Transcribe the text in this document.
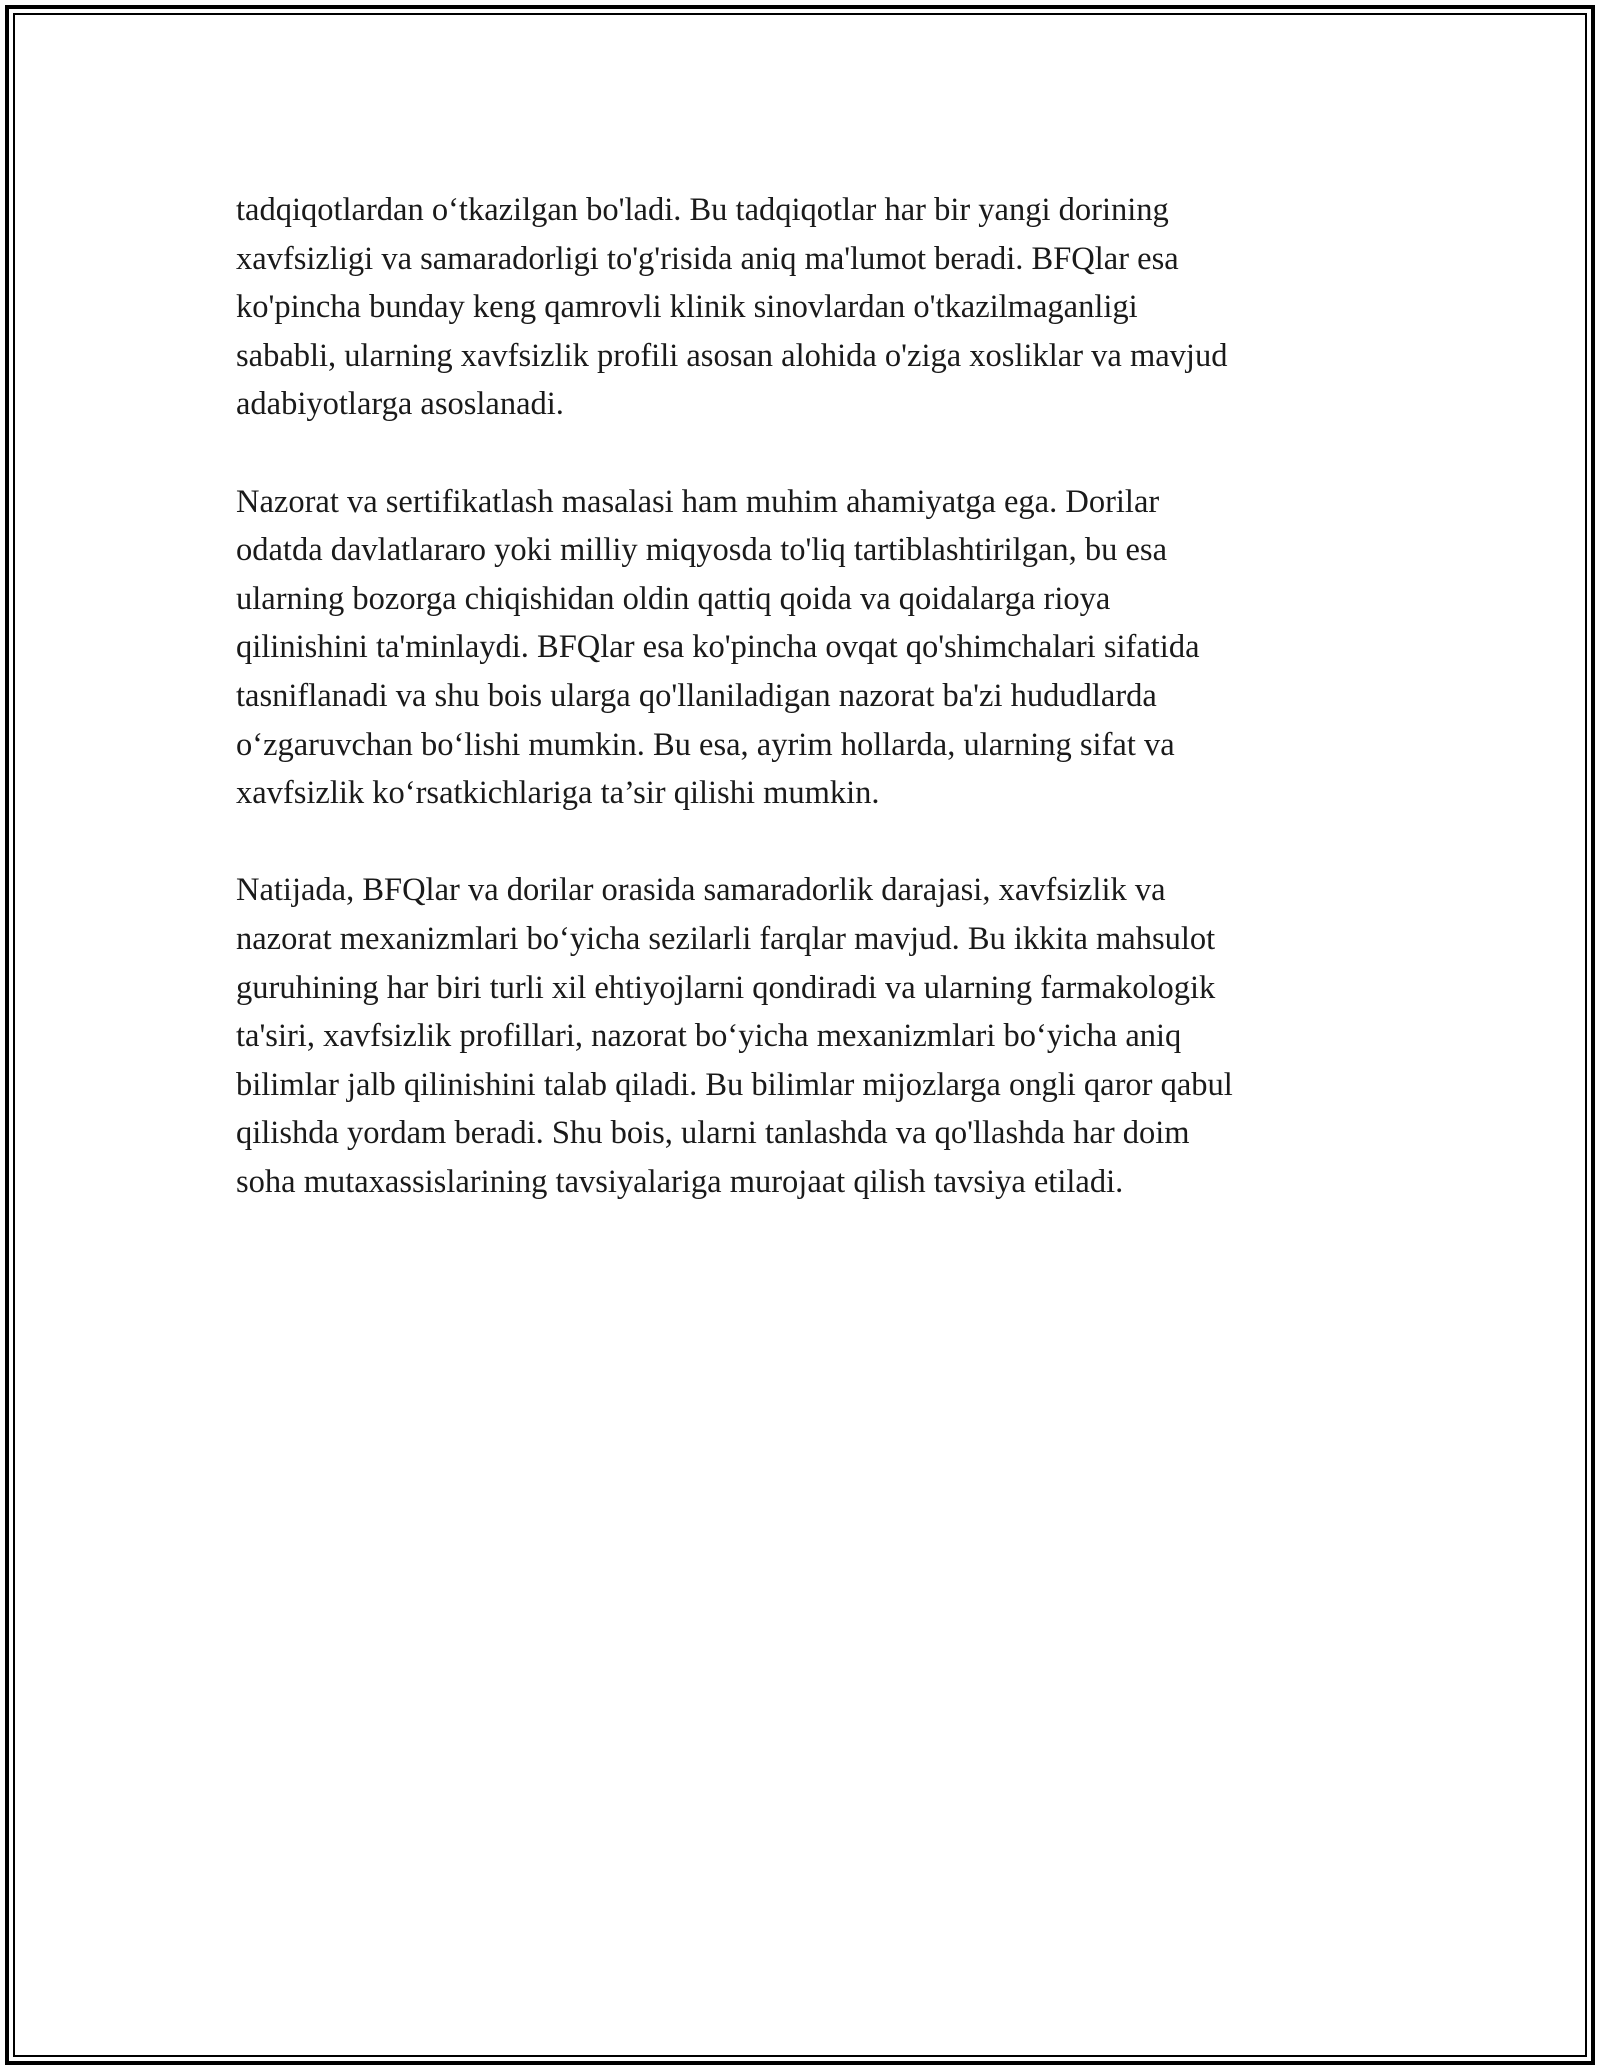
tadqiqotlardan o‘tkazilgan bo'ladi. Bu tadqiqotlar har bir yangi dorining
xavfsizligi va samaradorligi to'g'risida aniq ma'lumot beradi. BFQlar esa
ko'pincha bunday keng qamrovli klinik sinovlardan o'tkazilmaganligi
sababli, ularning xavfsizlik profili asosan alohida o'ziga xosliklar va mavjud
adabiyotlarga asoslanadi.

Nazorat va sertifikatlash masalasi ham muhim ahamiyatga ega. Dorilar
odatda davlatlararo yoki milliy miqyosda to'liq tartiblashtirilgan, bu esa
ularning bozorga chiqishidan oldin qattiq qoida va qoidalarga rioya
qilinishini ta'minlaydi. BFQlar esa ko'pincha ovqat qo'shimchalari sifatida
tasniflanadi va shu bois ularga qo'llaniladigan nazorat ba'zi hududlarda
o‘zgaruvchan bo‘lishi mumkin. Bu esa, ayrim hollarda, ularning sifat va
xavfsizlik ko‘rsatkichlariga ta’sir qilishi mumkin.

Natijada, BFQlar va dorilar orasida samaradorlik darajasi, xavfsizlik va
nazorat mexanizmlari bo‘yicha sezilarli farqlar mavjud. Bu ikkita mahsulot
guruhining har biri turli xil ehtiyojlarni qondiradi va ularning farmakologik
ta'siri, xavfsizlik profillari, nazorat bo‘yicha mexanizmlari bo‘yicha aniq
bilimlar jalb qilinishini talab qiladi. Bu bilimlar mijozlarga ongli qaror qabul
qilishda yordam beradi. Shu bois, ularni tanlashda va qo'llashda har doim
soha mutaxassislarining tavsiyalariga murojaat qilish tavsiya etiladi.
